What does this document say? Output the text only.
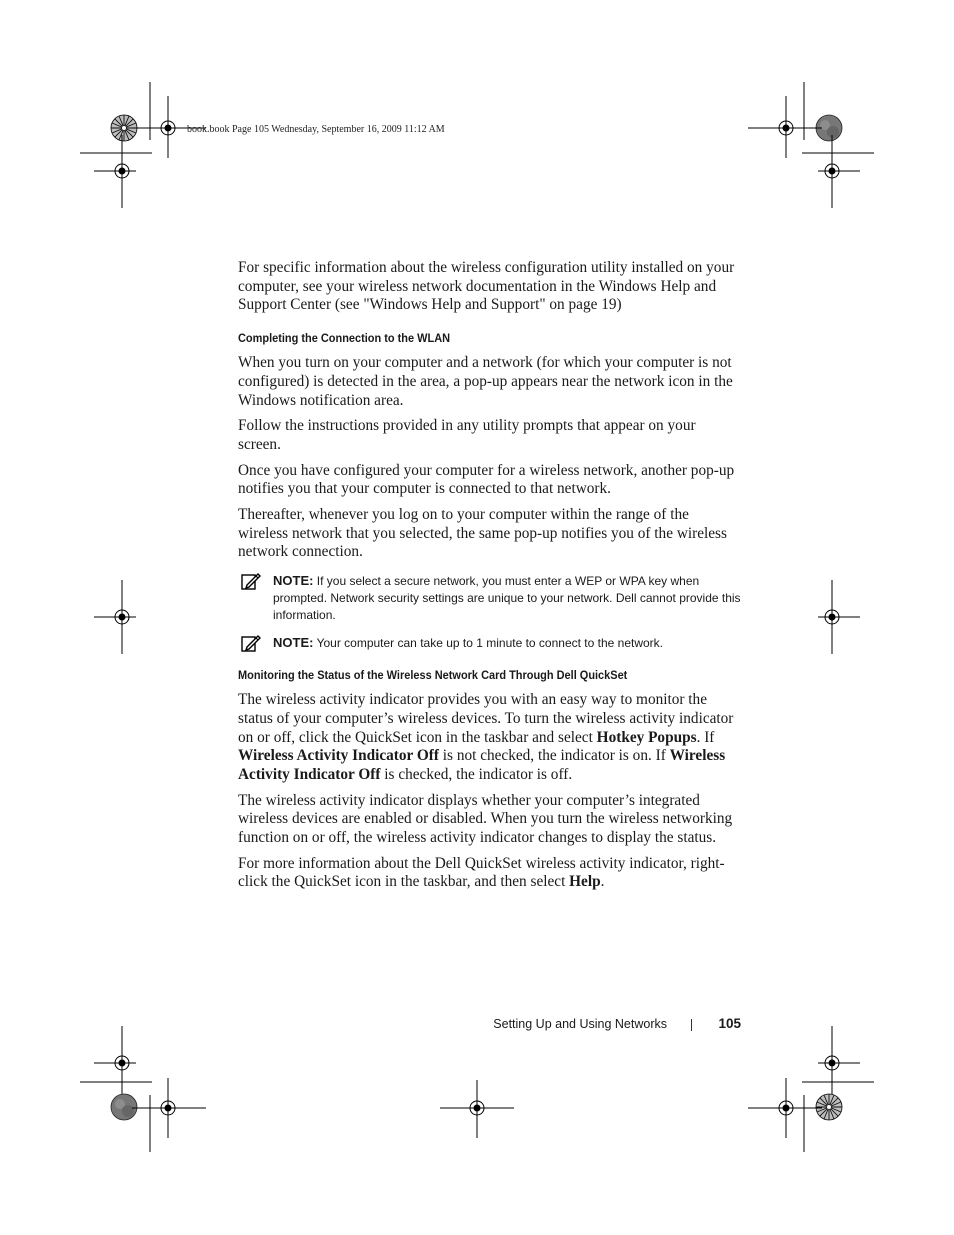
book.book Page 105 Wednesday, September 16, 2009 11:12 AM

For specific information about the wireless configuration utility installed on your computer, see your wireless network documentation in the Windows Help and Support Center (see "Windows Help and Support" on page 19)

Completing the Connection to the WLAN

When you turn on your computer and a network (for which your computer is not configured) is detected in the area, a pop-up appears near the network icon in the Windows notification area.

Follow the instructions provided in any utility prompts that appear on your screen.

Once you have configured your computer for a wireless network, another pop-up notifies you that your computer is connected to that network.

Thereafter, whenever you log on to your computer within the range of the wireless network that you selected, the same pop-up notifies you of the wireless network connection.

NOTE: If you select a secure network, you must enter a WEP or WPA key when prompted. Network security settings are unique to your network. Dell cannot provide this information.
NOTE: Your computer can take up to 1 minute to connect to the network.
Monitoring the Status of the Wireless Network Card Through Dell QuickSet

The wireless activity indicator provides you with an easy way to monitor the status of your computer’s wireless devices. To turn the wireless activity indicator on or off, click the QuickSet icon in the taskbar and select Hotkey Popups. If Wireless Activity Indicator Off is not checked, the indicator is on. If Wireless Activity Indicator Off is checked, the indicator is off.

The wireless activity indicator displays whether your computer’s integrated wireless devices are enabled or disabled. When you turn the wireless networking function on or off, the wireless activity indicator changes to display the status.

For more information about the Dell QuickSet wireless activity indicator, right-click the QuickSet icon in the taskbar, and then select Help.

Setting Up and Using Networks	105
